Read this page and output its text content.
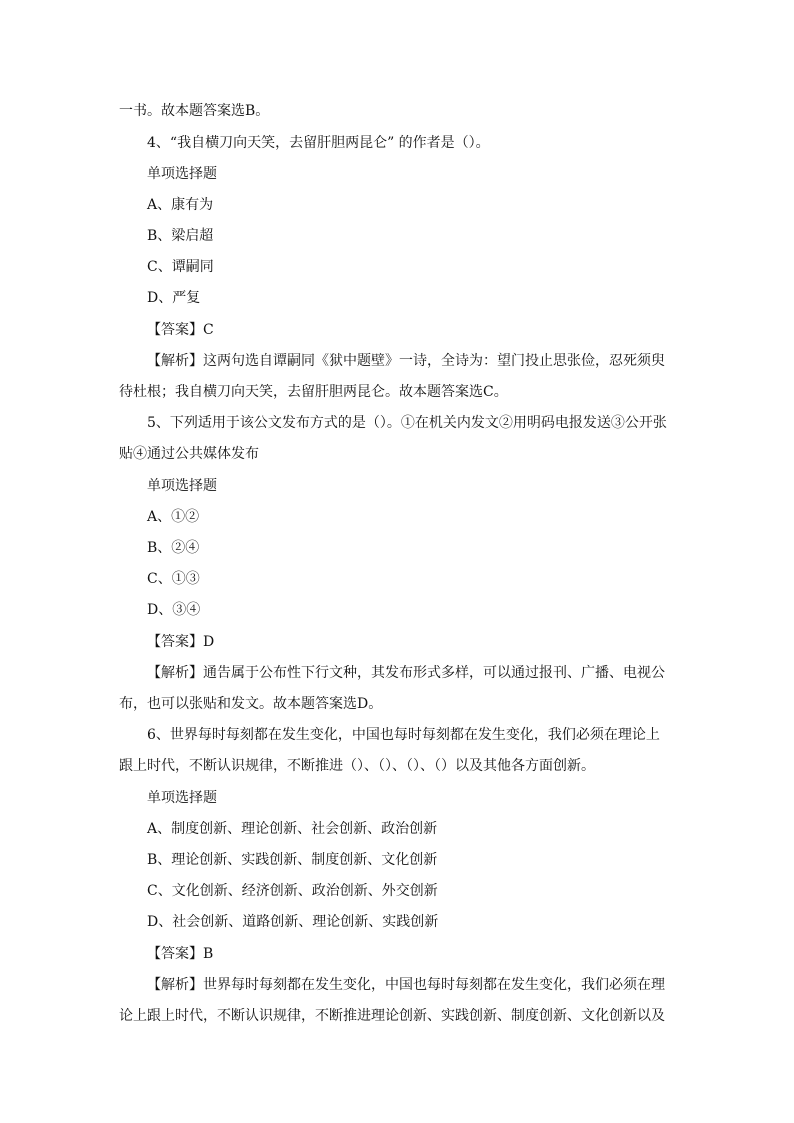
一书。故本题答案选B。
4、“我自横刀向天笑，去留肝胆两昆仑” 的作者是（）。
单项选择题
A、康有为
B、梁启超
C、谭嗣同
D、严复
【答案】C
【解析】这两句选自谭嗣同《狱中题壁》一诗，全诗为：望门投止思张俭，忍死须臾
待杜根；我自横刀向天笑，去留肝胆两昆仑。故本题答案选C。
5、下列适用于该公文发布方式的是（）。①在机关内发文②用明码电报发送③公开张
贴④通过公共媒体发布
单项选择题
A、①②
B、②④
C、①③
D、③④
【答案】D
【解析】通告属于公布性下行文种，其发布形式多样，可以通过报刊、广播、电视公
布，也可以张贴和发文。故本题答案选D。
6、世界每时每刻都在发生变化，中国也每时每刻都在发生变化，我们必须在理论上
跟上时代，不断认识规律，不断推进（）、（）、（）、（）以及其他各方面创新。
单项选择题
A、制度创新、理论创新、社会创新、政治创新
B、理论创新、实践创新、制度创新、文化创新
C、文化创新、经济创新、政治创新、外交创新
D、社会创新、道路创新、理论创新、实践创新
【答案】B
【解析】世界每时每刻都在发生变化，中国也每时每刻都在发生变化，我们必须在理
论上跟上时代，不断认识规律，不断推进理论创新、实践创新、制度创新、文化创新以及
